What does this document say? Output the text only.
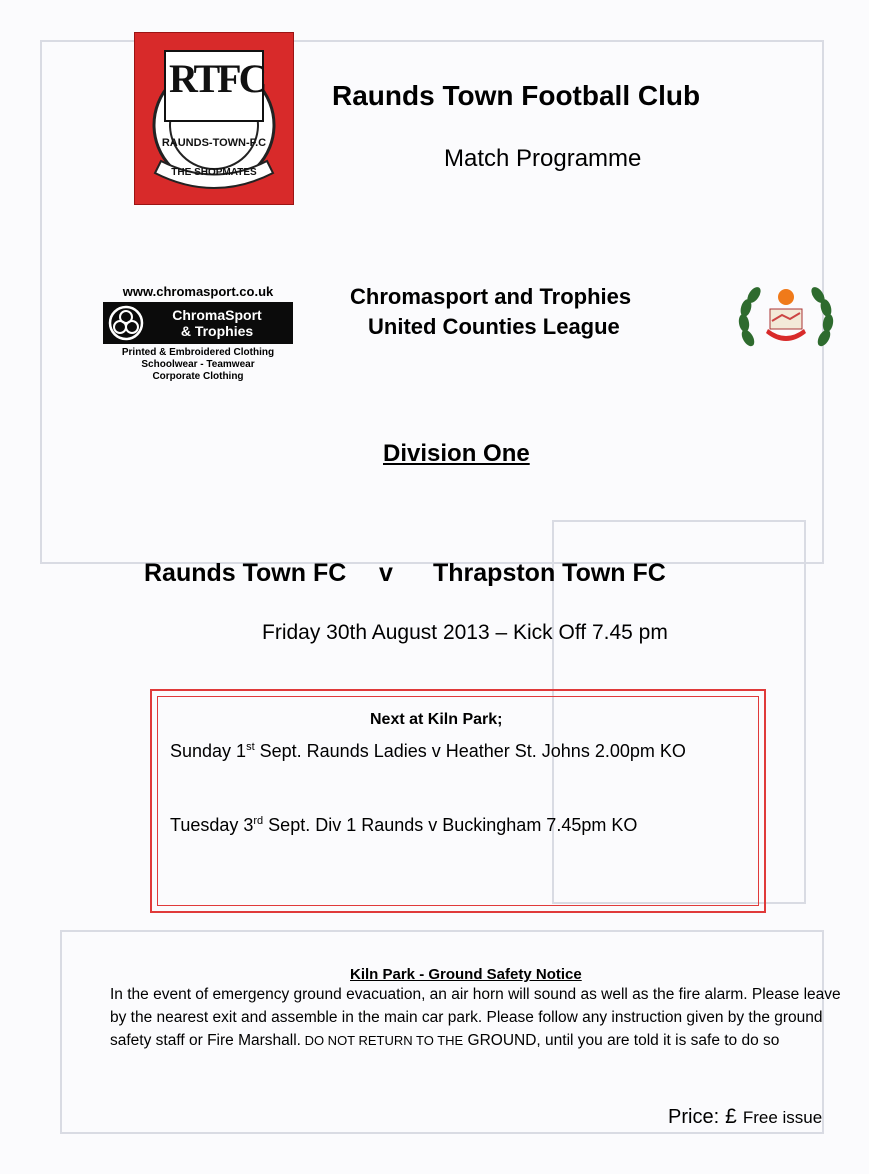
RTFC
RAUNDS-TOWN-F.C
THE SHOPMATES
Raunds Town Football Club
Match Programme
www.chromasport.co.uk
ChromaSport
& Trophies
Printed & Embroidered Clothing
Schoolwear - Teamwear
Corporate Clothing
Chromasport and Trophies
United Counties League
Division One
Raunds Town FC	v	Thrapston Town FC
Friday 30th August 2013 – Kick Off 7.45 pm
Next at Kiln Park;
Sunday 1st Sept. Raunds Ladies v Heather St. Johns 2.00pm KO
Tuesday 3rd Sept. Div 1 Raunds v Buckingham 7.45pm KO
Kiln Park - Ground Safety Notice
In the event of emergency ground evacuation, an air horn will sound as well as the fire alarm. Please leave by the nearest exit and assemble in the main car park. Please follow any instruction given by the ground safety staff or Fire Marshall. DO NOT RETURN TO THE GROUND, until you are told it is safe to do so
Price: £ Free issue
